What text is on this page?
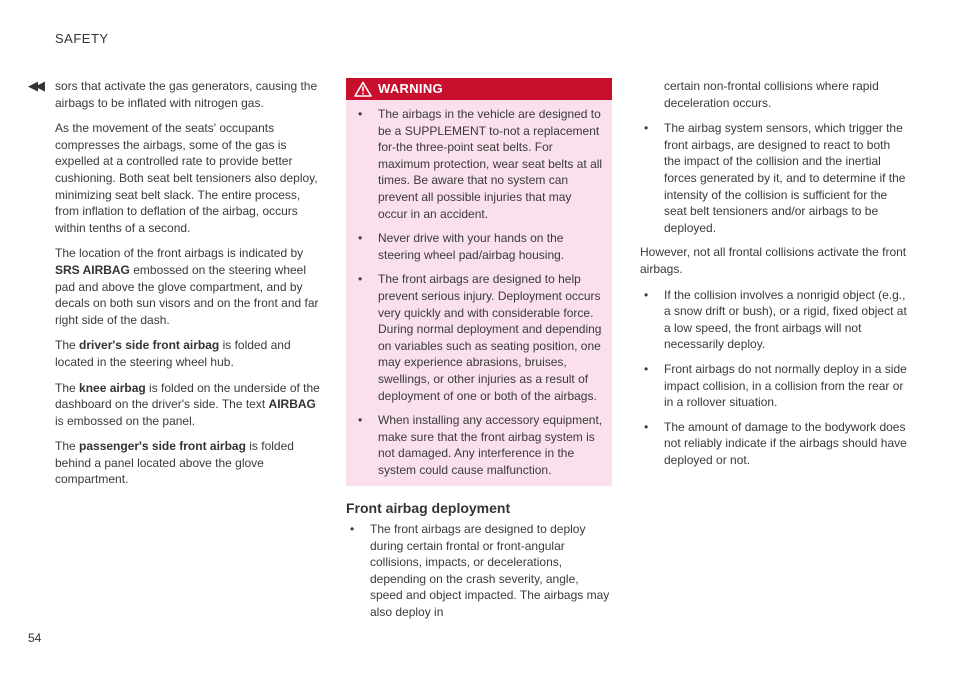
SAFETY
◀◀
54

sors that activate the gas generators, causing the airbags to be inflated with nitrogen gas.

As the movement of the seats' occupants compresses the airbags, some of the gas is expelled at a controlled rate to provide better cushioning. Both seat belt tensioners also deploy, minimizing seat belt slack. The entire process, from inflation to deflation of the airbag, occurs within tenths of a second.

The location of the front airbags is indicated by SRS AIRBAG embossed on the steering wheel pad and above the glove compartment, and by decals on both sun visors and on the front and far right side of the dash.

The driver's side front airbag is folded and located in the steering wheel hub.

The knee airbag is folded on the underside of the dashboard on the driver's side. The text AIRBAG is embossed on the panel.

The passenger's side front airbag is folded behind a panel located above the glove compartment.

WARNING
• The airbags in the vehicle are designed to be a SUPPLEMENT to-not a replacement for-the three-point seat belts. For maximum protection, wear seat belts at all times. Be aware that no system can prevent all possible injuries that may occur in an accident.
• Never drive with your hands on the steering wheel pad/airbag housing.
• The front airbags are designed to help prevent serious injury. Deployment occurs very quickly and with considerable force. During normal deployment and depending on variables such as seating position, one may experience abrasions, bruises, swellings, or other injuries as a result of deployment of one or both of the airbags.
• When installing any accessory equipment, make sure that the front airbag system is not damaged. Any interference in the system could cause malfunction.
Front airbag deployment
• The front airbags are designed to deploy during certain frontal or front-angular collisions, impacts, or decelerations, depending on the crash severity, angle, speed and object impacted. The airbags may also deploy in

certain non-frontal collisions where rapid deceleration occurs.

• The airbag system sensors, which trigger the front airbags, are designed to react to both the impact of the collision and the inertial forces generated by it, and to determine if the intensity of the collision is sufficient for the seat belt tensioners and/or airbags to be deployed.

However, not all frontal collisions activate the front airbags.

• If the collision involves a nonrigid object (e.g., a snow drift or bush), or a rigid, fixed object at a low speed, the front airbags will not necessarily deploy.
• Front airbags do not normally deploy in a side impact collision, in a collision from the rear or in a rollover situation.
• The amount of damage to the bodywork does not reliably indicate if the airbags should have deployed or not.
